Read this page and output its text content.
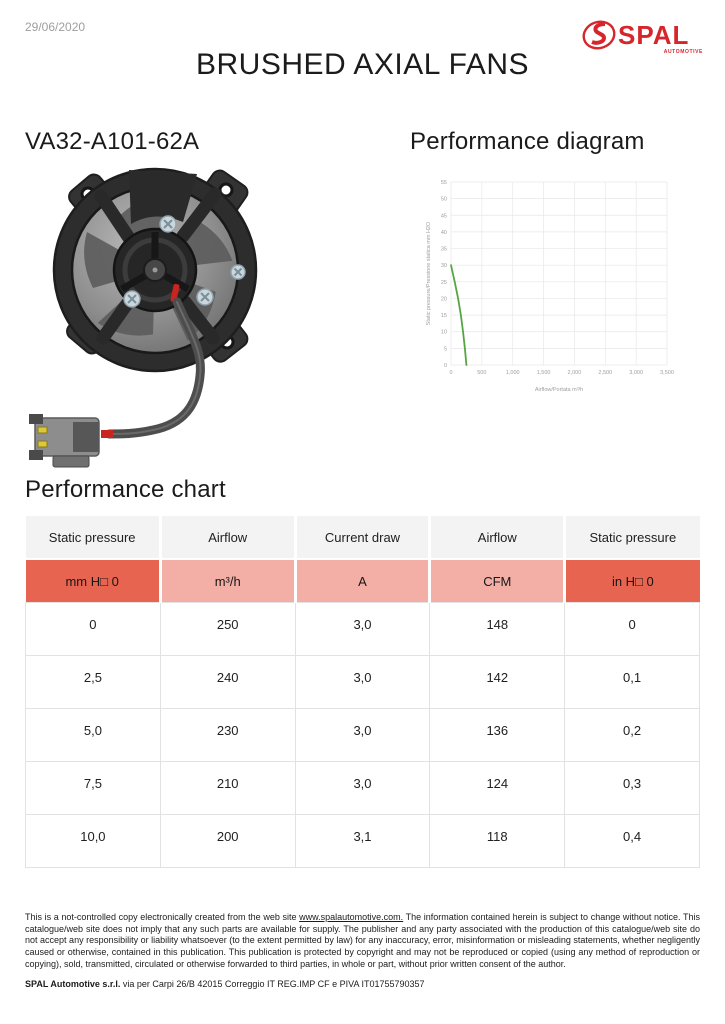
29/06/2020	SPAL
AUTOMOTIVE
BRUSHED AXIAL FANS
VA32-A101-62A	Performance diagram
0	500	1,000	1,500	2,000	2,500	3,000	3,500
0
5
10
15
20
25
30
35
40
45
50
55
Airflow/Portata m³/h
Static pressure/Pressione statica mm H2O
Performance chart
Static pressure	Airflow	Current draw	Airflow	Static pressure
mm H□ 0	m³/h	A	CFM	in H□ 0
0	250	3,0	148	0
2,5	240	3,0	142	0,1
5,0	230	3,0	136	0,2
7,5	210	3,0	124	0,3
10,0	200	3,1	118	0,4

This is a not-controlled copy electronically created from the web site www.spalautomotive.com. The information contained herein is subject to change without notice. This catalogue/web site does not imply that any such parts are available for supply. The publisher and any party associated with the production of this catalogue/web site do not accept any responsibility or liability whatsoever (to the extent permitted by law) for any inaccuracy, error, misinformation or misleading statements, whether negligently caused or otherwise, contained in this publication. This publication is protected by copyright and may not be reproduced or copied (using any method of reproduction or copying), sold, transmitted, circulated or otherwise forwarded to third parties, in whole or part, without prior written consent of the author.

SPAL Automotive s.r.l. via per Carpi 26/B 42015 Correggio IT REG.IMP CF e PIVA IT01755790357
